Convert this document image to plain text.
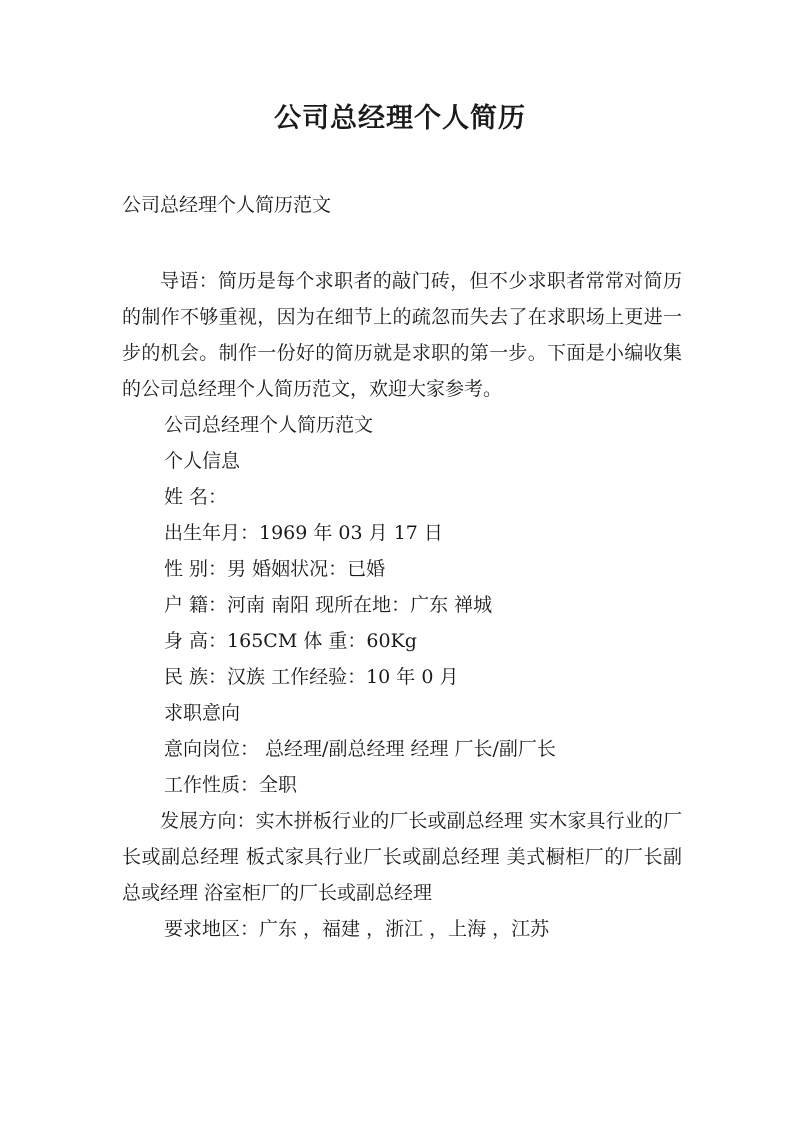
公司总经理个人简历
公司总经理个人简历范文

导语：简历是每个求职者的敲门砖，但不少求职者常常对简历的制作不够重视，因为在细节上的疏忽而失去了在求职场上更进一步的机会。制作一份好的简历就是求职的第一步。下面是小编收集的公司总经理个人简历范文，欢迎大家参考。

公司总经理个人简历范文

个人信息

姓 名：

出生年月：1969 年 03 月 17 日

性 别：男 婚姻状况：已婚

户 籍：河南 南阳 现所在地：广东 禅城

身 高：165CM 体 重：60Kg

民 族：汉族 工作经验：10 年 0 月

求职意向

意向岗位： 总经理/副总经理 经理 厂长/副厂长

工作性质：全职

发展方向：实木拼板行业的厂长或副总经理 实木家具行业的厂长或副总经理 板式家具行业厂长或副总经理 美式橱柜厂的厂长副总或经理 浴室柜厂的厂长或副总经理

要求地区：广东 ，福建 ，浙江 ，上海 ，江苏
